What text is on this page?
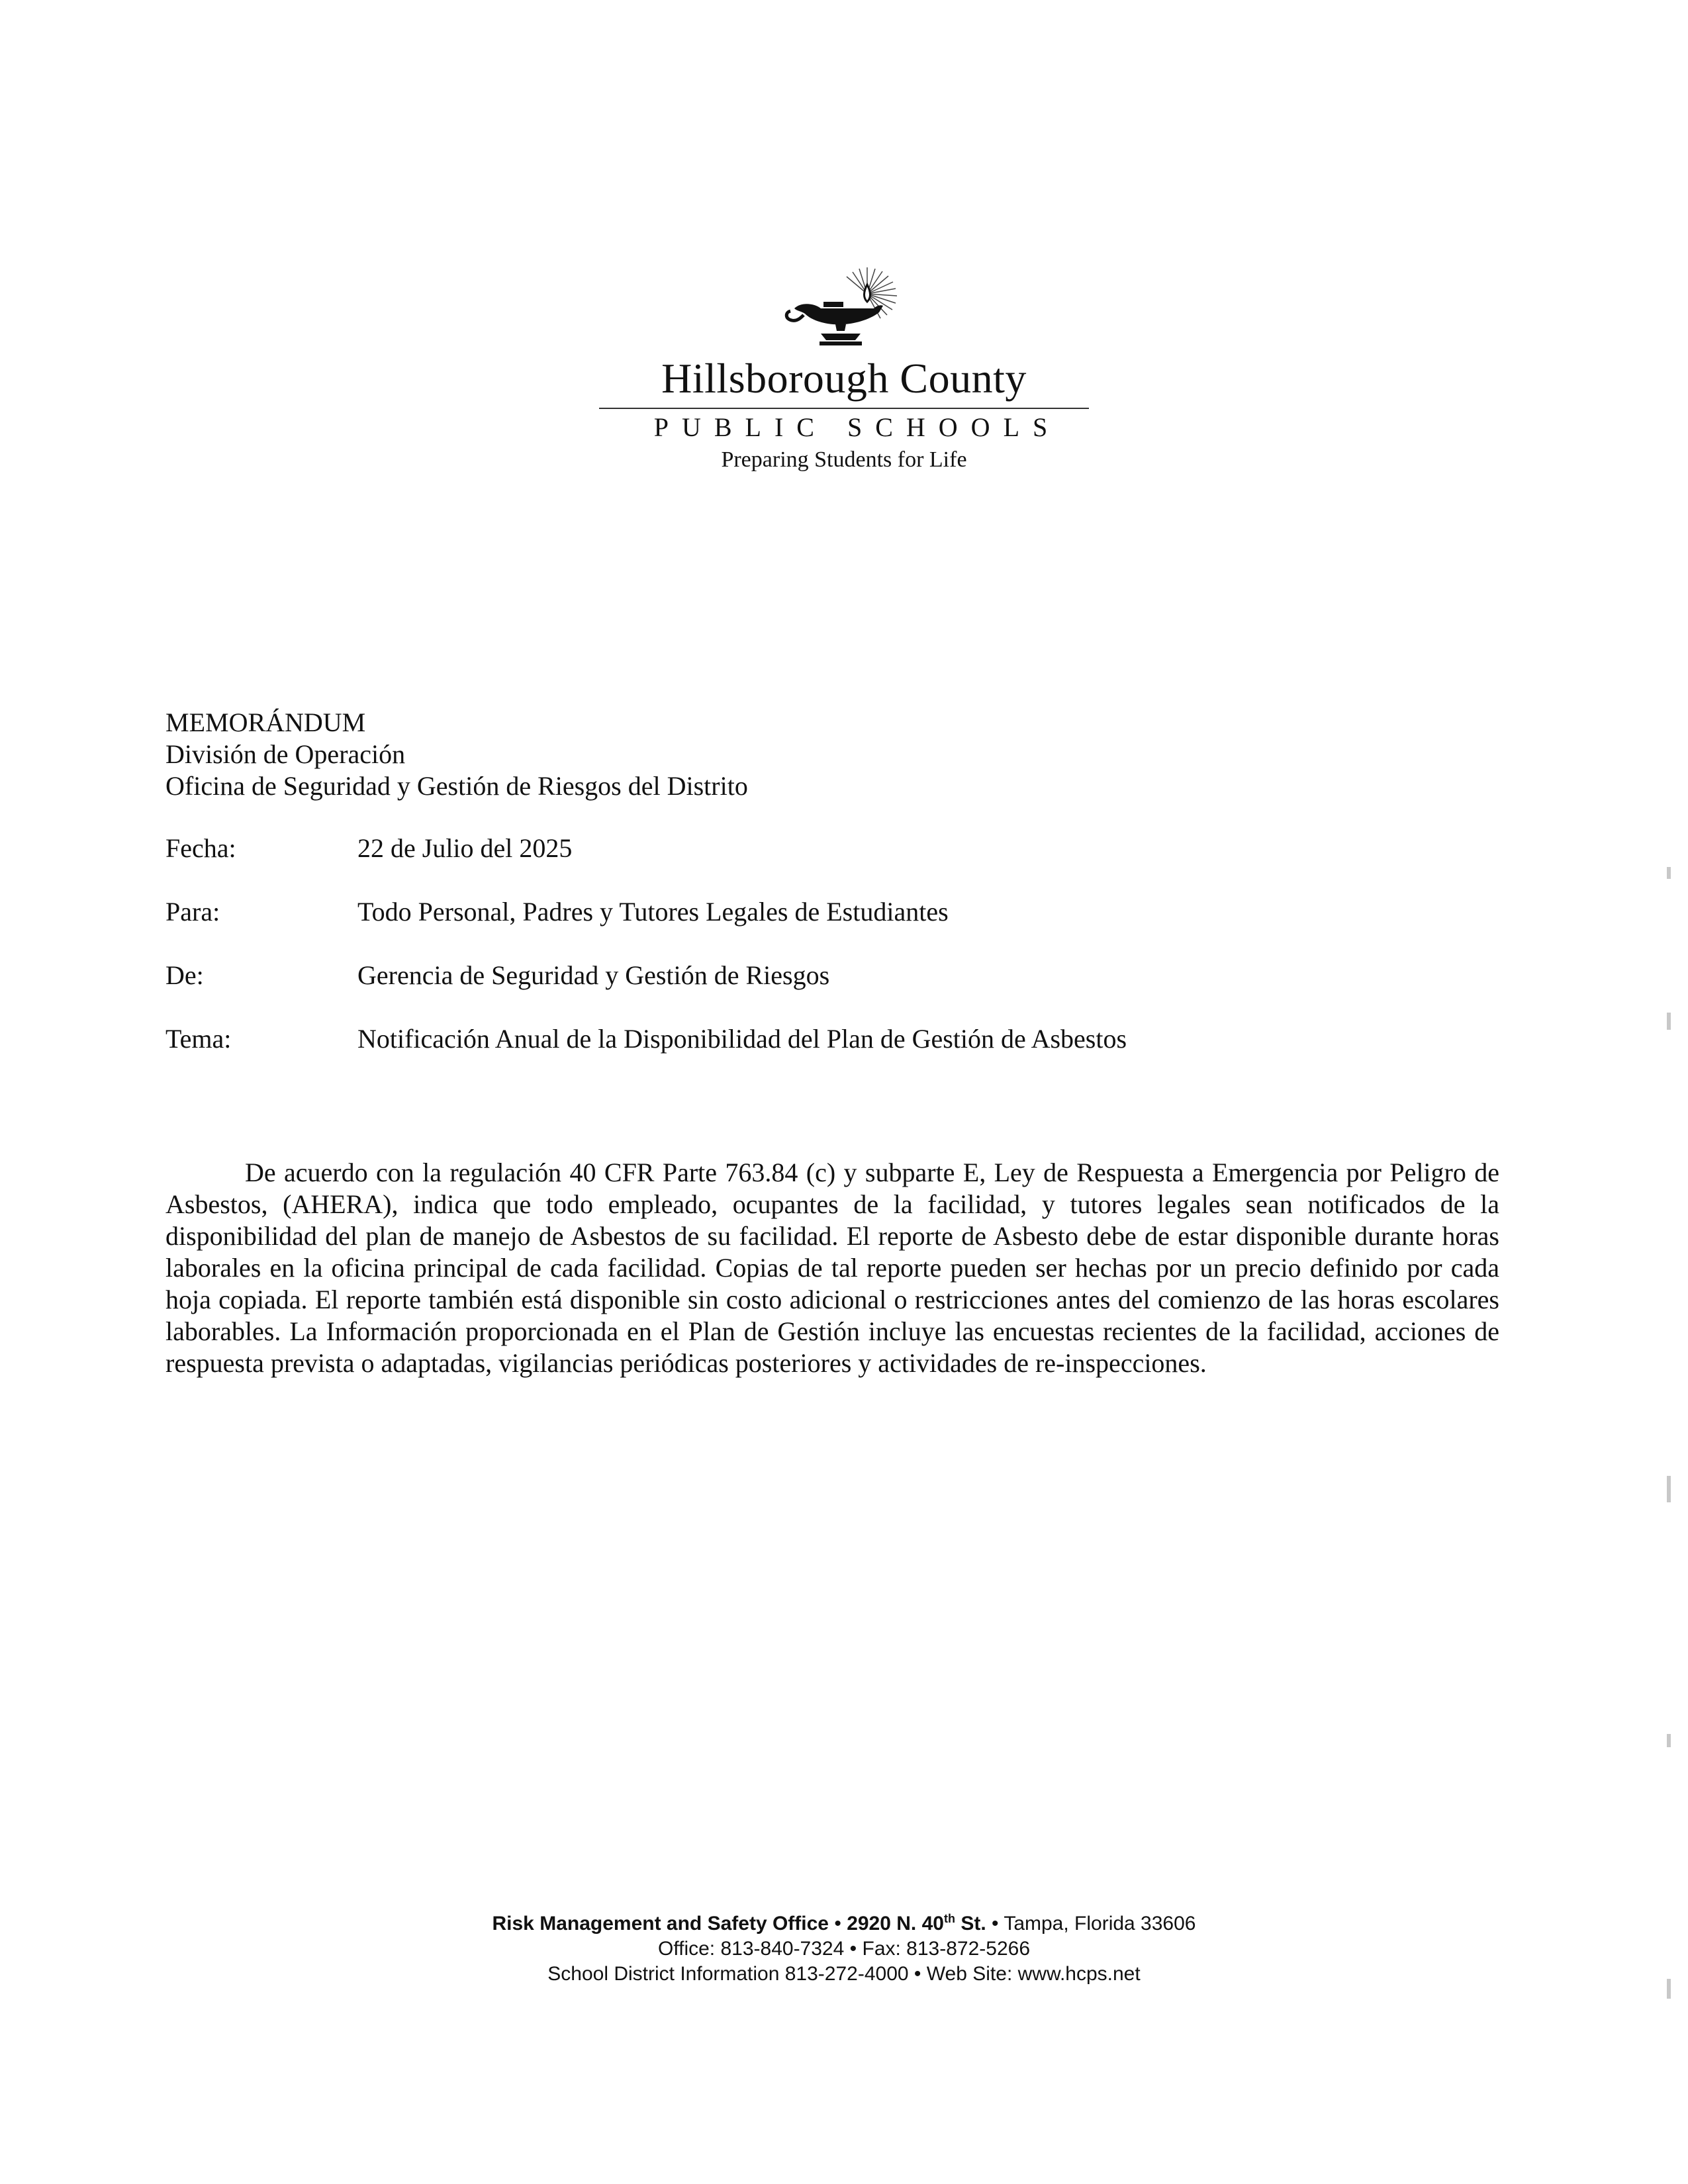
Hillsborough County
PUBLIC SCHOOLS
Preparing Students for Life
MEMORÁNDUM
División de Operación
Oficina de Seguridad y Gestión de Riesgos del Distrito
Fecha:	22 de Julio del 2025
Para:	Todo Personal, Padres y Tutores Legales de Estudiantes
De:	Gerencia de Seguridad y Gestión de Riesgos
Tema:	Notificación Anual de la Disponibilidad del Plan de Gestión de Asbestos

De acuerdo con la regulación 40 CFR Parte 763.84 (c) y subparte E, Ley de Respuesta a Emergencia por Peligro de Asbestos, (AHERA), indica que todo empleado, ocupantes de la facilidad, y tutores legales sean notificados de la disponibilidad del plan de manejo de Asbestos de su facilidad. El reporte de Asbesto debe de estar disponible durante horas laborales en la oficina principal de cada facilidad. Copias de tal reporte pueden ser hechas por un precio definido por cada hoja copiada. El reporte también está disponible sin costo adicional o restricciones antes del comienzo de las horas escolares laborables. La Información proporcionada en el Plan de Gestión incluye las encuestas recientes de la facilidad, acciones de respuesta prevista o adaptadas, vigilancias periódicas posteriores y actividades de re-inspecciones.

Risk Management and Safety Office • 2920 N. 40th St. • Tampa, Florida 33606
Office: 813-840-7324 • Fax: 813-872-5266
School District Information 813-272-4000 • Web Site: www.hcps.net
